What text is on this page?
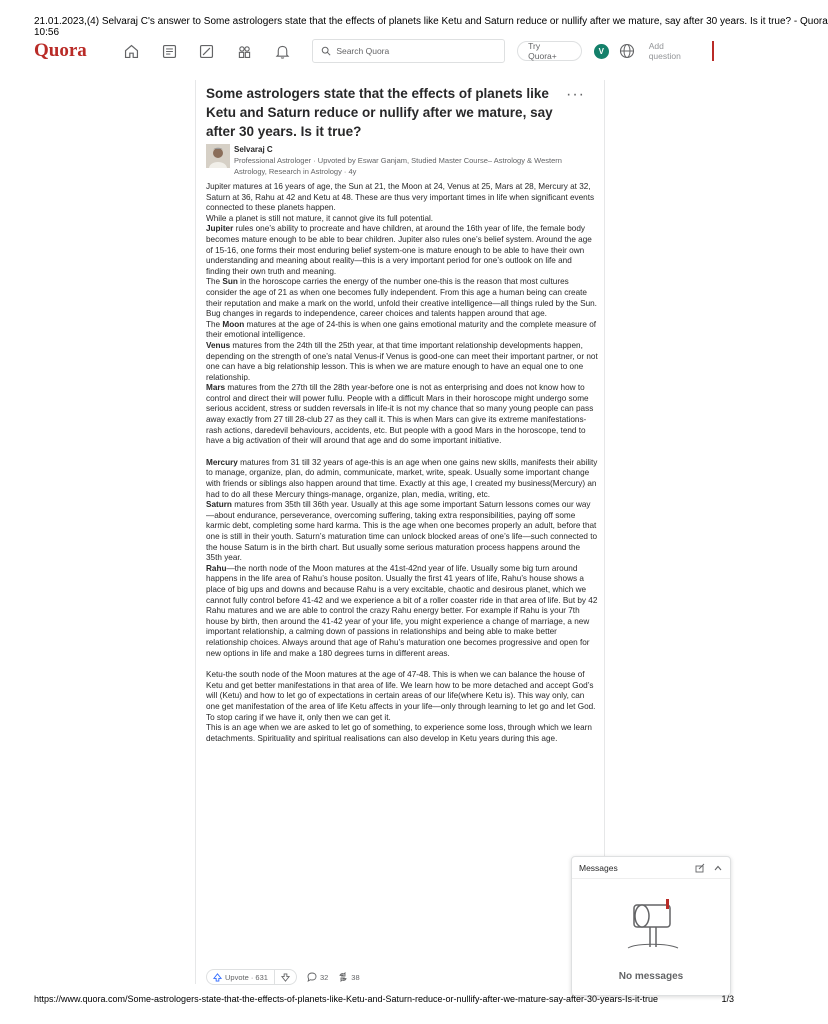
21.01.2023, 10:56
(4) Selvaraj C's answer to Some astrologers state that the effects of planets like Ketu and Saturn reduce or nullify after we mature, say after 30 years. Is it true? - Quora
Quora	Search Quora	Try Quora+	V	Add question
Some astrologers state that the effects of planets like Ketu and Saturn reduce or nullify after we mature, say after 30 years. Is it true?
···
Selvaraj C
Professional Astrologer · Upvoted by Eswar Ganjam, Studied Master Course– Astrology & Western Astrology, Research in Astrology · 4y

Jupiter matures at 16 years of age, the Sun at 21, the Moon at 24, Venus at 25, Mars at 28, Mercury at 32, Saturn at 36, Rahu at 42 and Ketu at 48. These are thus very important times in life when significant events connected to these planets happen.

While a planet is still not mature, it cannot give its full potential.

Jupiter rules one’s ability to procreate and have children, at around the 16th year of life, the female body becomes mature enough to be able to bear children. Jupiter also rules one’s belief system. Around the age of 15-16, one forms their most enduring belief system-one is mature enough to be able to have their own understanding and meaning about reality—this is a very important period for one’s outlook on life and finding their own truth and meaning.

The Sun in the horoscope carries the energy of the number one-this is the reason that most cultures consider the age of 21 as when one becomes fully independent. From this age a human being can create their reputation and make a mark on the world, unfold their creative intelligence—all things ruled by the Sun. Bug changes in regards to independence, career choices and talents happen around that age.

The Moon matures at the age of 24-this is when one gains emotional maturity and the complete measure of their emotional intelligence.

Venus matures from the 24th till the 25th year, at that time important relationship developments happen, depending on the strength of one’s natal Venus-if Venus is good-one can meet their important partner, or not one can have a big relationship lesson. This is when we are mature enough to have an equal one to one relationship.

Mars matures from the 27th till the 28th year-before one is not as enterprising and does not know how to control and direct their will power fullu. People with a difficult Mars in their horoscope might undergo some serious accident, stress or sudden reversals in life-it is not my chance that so many young people can pass away exactly from 27 till 28-club 27 as they call it. This is when Mars can give its extreme manifestations-rash actions, daredevil behaviours, accidents, etc. But people with a good Mars in the horoscope, tend to have a big activation of their will around that age and do some important initiative.

Mercury matures from 31 till 32 years of age-this is an age when one gains new skills, manifests their ability to manage, organize, plan, do admin, communicate, market, write, speak. Usually some important change with friends or siblings also happen around that time. Exactly at this age, I created my business(Mercury) an had to do all these Mercury things-manage, organize, plan, media, writing, etc.

Saturn matures from 35th till 36th year. Usually at this age some important Saturn lessons comes our way—about endurance, perseverance, overcoming suffering, taking extra responsibilities, paying off some karmic debt, completing some hard karma. This is the age when one becomes properly an adult, before that one is still in their youth. Saturn’s maturation time can unlock blocked areas of one’s life—such connected to the house Saturn is in the birth chart. But usually some serious maturation process happens around the 35th year.

Rahu—the north node of the Moon matures at the 41st-42nd year of life. Usually some big turn around happens in the life area of Rahu’s house positon. Usually the first 41 years of life, Rahu’s house shows a place of big ups and downs and because Rahu is a very excitable, chaotic and desirous planet, which we cannot fully control before 41-42 and we experience a bit of a roller coaster ride in that area of life. But by 42 Rahu matures and we are able to control the crazy Rahu energy better. For example if Rahu is your 7th house by birth, then around the 41-42 year of your life, you might experience a change of marriage, a new important relationship, a calming down of passions in relationships and being able to make better relationship choices. Always around that age of Rahu’s maturation one becomes progressive and open for new options in life and make a 180 degrees turns in different areas.

Ketu-the south node of the Moon matures at the age of 47-48. This is when we can balance the house of Ketu and get better manifestations in that area of life. We learn how to be more detached and accept God’s will (Ketu) and how to let go of expectations in certain areas of our life(where Ketu is). This way only, can one get manifestation of the area of life Ketu affects in your life—only through learning to let go and let God. To stop caring if we have it, only then we can get it.

This is an age when we are asked to let go of something, to experience some loss, through which we learn detachments. Spirituality and spiritual realisations can also develop in Ketu years during this age.

Upvote · 631	32	38
Messages
No messages
https://www.quora.com/Some-astrologers-state-that-the-effects-of-planets-like-Ketu-and-Saturn-reduce-or-nullify-after-we-mature-say-after-30-years-Is-it-true	1/3
